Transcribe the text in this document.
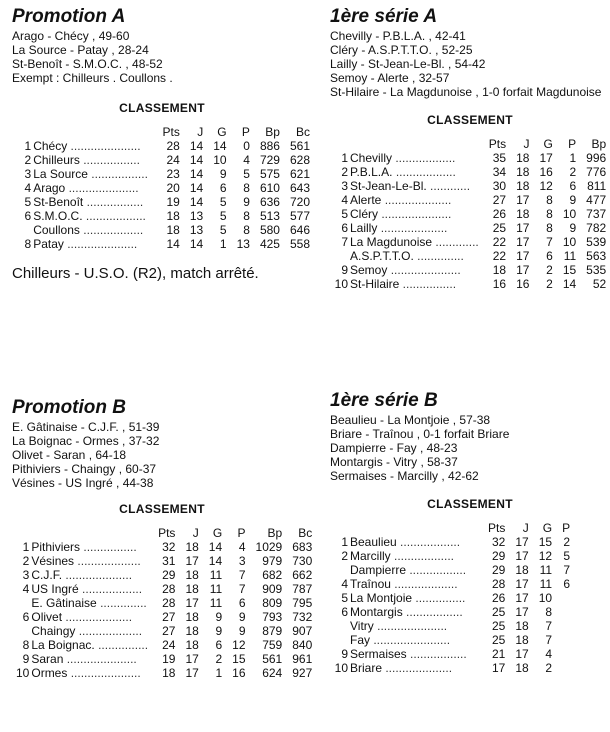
Promotion A
Arago - Chécy , 49-60
La Source - Patay , 28-24
St-Benoît - S.M.O.C. , 48-52
Exempt : Chilleurs . Coullons .
CLASSEMENT
		Pts	J	G	P	Bp	Bc
1	Chécy .....................	28	14	14	0	886	561
2	Chilleurs .................	24	14	10	4	729	628
3	La Source .................	23	14	9	5	575	621
4	Arago .....................	20	14	6	8	610	643
5	St-Benoît .................	19	14	5	9	636	720
6	S.M.O.C. ..................	18	13	5	8	513	577
	Coullons ..................	18	13	5	8	580	646
8	Patay .....................	14	14	1	13	425	558
Chilleurs - U.S.O. (R2), match arrêté.
Promotion B
E. Gâtinaise - C.J.F. , 51-39
La Boignac - Ormes , 37-32
Olivet - Saran , 64-18
Pithiviers - Chaingy , 60-37
Vésines - US Ingré , 44-38
CLASSEMENT
		Pts	J	G	P	Bp	Bc
1	Pithiviers ................	32	18	14	4	1029	683
2	Vésines ...................	31	17	14	3	979	730
3	C.J.F. ....................	29	18	11	7	682	662
4	US Ingré ..................	28	18	11	7	909	787
	E. Gâtinaise ..............	28	17	11	6	809	795
6	Olivet ....................	27	18	9	9	793	732
	Chaingy ...................	27	18	9	9	879	907
8	La Boignac. ...............	24	18	6	12	759	840
9	Saran .....................	19	17	2	15	561	961
10	Ormes .....................	18	17	1	16	624	927
1ère série A
Chevilly - P.B.L.A. , 42-41
Cléry - A.S.P.T.T.O. , 52-25
Lailly - St-Jean-Le-Bl. , 54-42
Semoy - Alerte , 32-57
St-Hilaire - La Magdunoise , 1-0 forfait Magdunoise
CLASSEMENT
		Pts	J	G	P	Bp
1	Chevilly ..................	35	18	17	1	996
2	P.B.L.A. ..................	34	18	16	2	776
3	St-Jean-Le-Bl. ............	30	18	12	6	811
4	Alerte ....................	27	17	8	9	477
5	Cléry .....................	26	18	8	10	737
6	Lailly ....................	25	17	8	9	782
7	La Magdunoise .............	22	17	7	10	539
	A.S.P.T.T.O. ..............	22	17	6	11	563
9	Semoy .....................	18	17	2	15	535
10	St-Hilaire ................	16	16	2	14	52
1ère série B
Beaulieu - La Montjoie , 57-38
Briare - Traînou , 0-1 forfait Briare
Dampierre - Fay , 48-23
Montargis - Vitry , 58-37
Sermaises - Marcilly , 42-62
CLASSEMENT
		Pts	J	G	P
1	Beaulieu ..................	32	17	15	2
2	Marcilly ..................	29	17	12	5
	Dampierre .................	29	18	11	7
4	Traînou ...................	28	17	11	6
5	La Montjoie ...............	26	17	10	
6	Montargis .................	25	17	8	
	Vitry .....................	25	18	7	
	Fay .......................	25	18	7	
9	Sermaises .................	21	17	4	
10	Briare ....................	17	18	2	
